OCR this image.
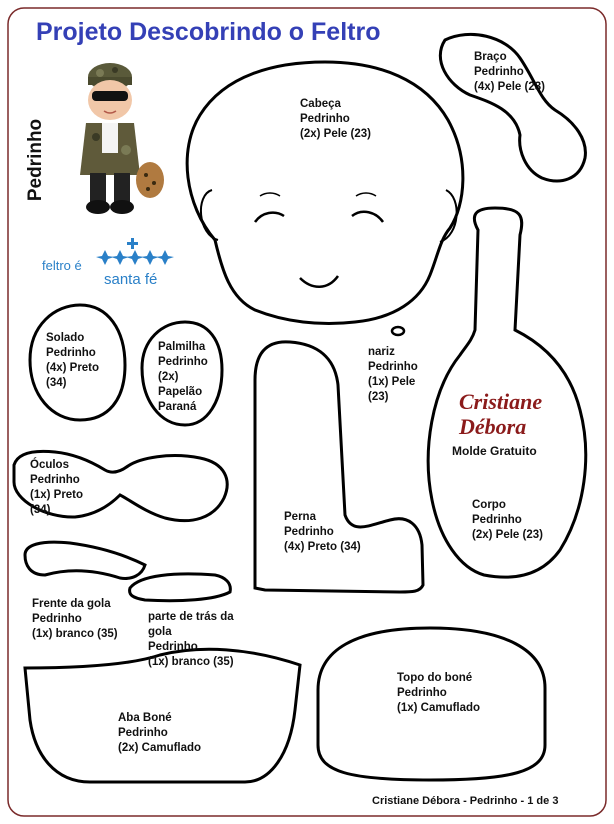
Projeto Descobrindo o Feltro
Pedrinho
feltro é
santa fé
Cabeça
Pedrinho
(2x) Pele (23)
Braço
Pedrinho
(4x) Pele (23)
Solado
Pedrinho
(4x) Preto
(34)
Palmilha
Pedrinho
(2x)
Papelão
Paraná
nariz
Pedrinho
(1x) Pele
(23)
Óculos
Pedrinho
(1x) Preto
(34)
Perna
Pedrinho
(4x) Preto (34)
Corpo
Pedrinho
(2x) Pele (23)
Frente da gola
Pedrinho
(1x) branco (35)
parte de trás da
gola
Pedrinho
(1x) branco (35)
Topo do boné
Pedrinho
(1x) Camuflado
Aba Boné
Pedrinho
(2x) Camuflado
Cristiane
Débora
Molde Gratuito
Cristiane Débora - Pedrinho - 1 de 3
